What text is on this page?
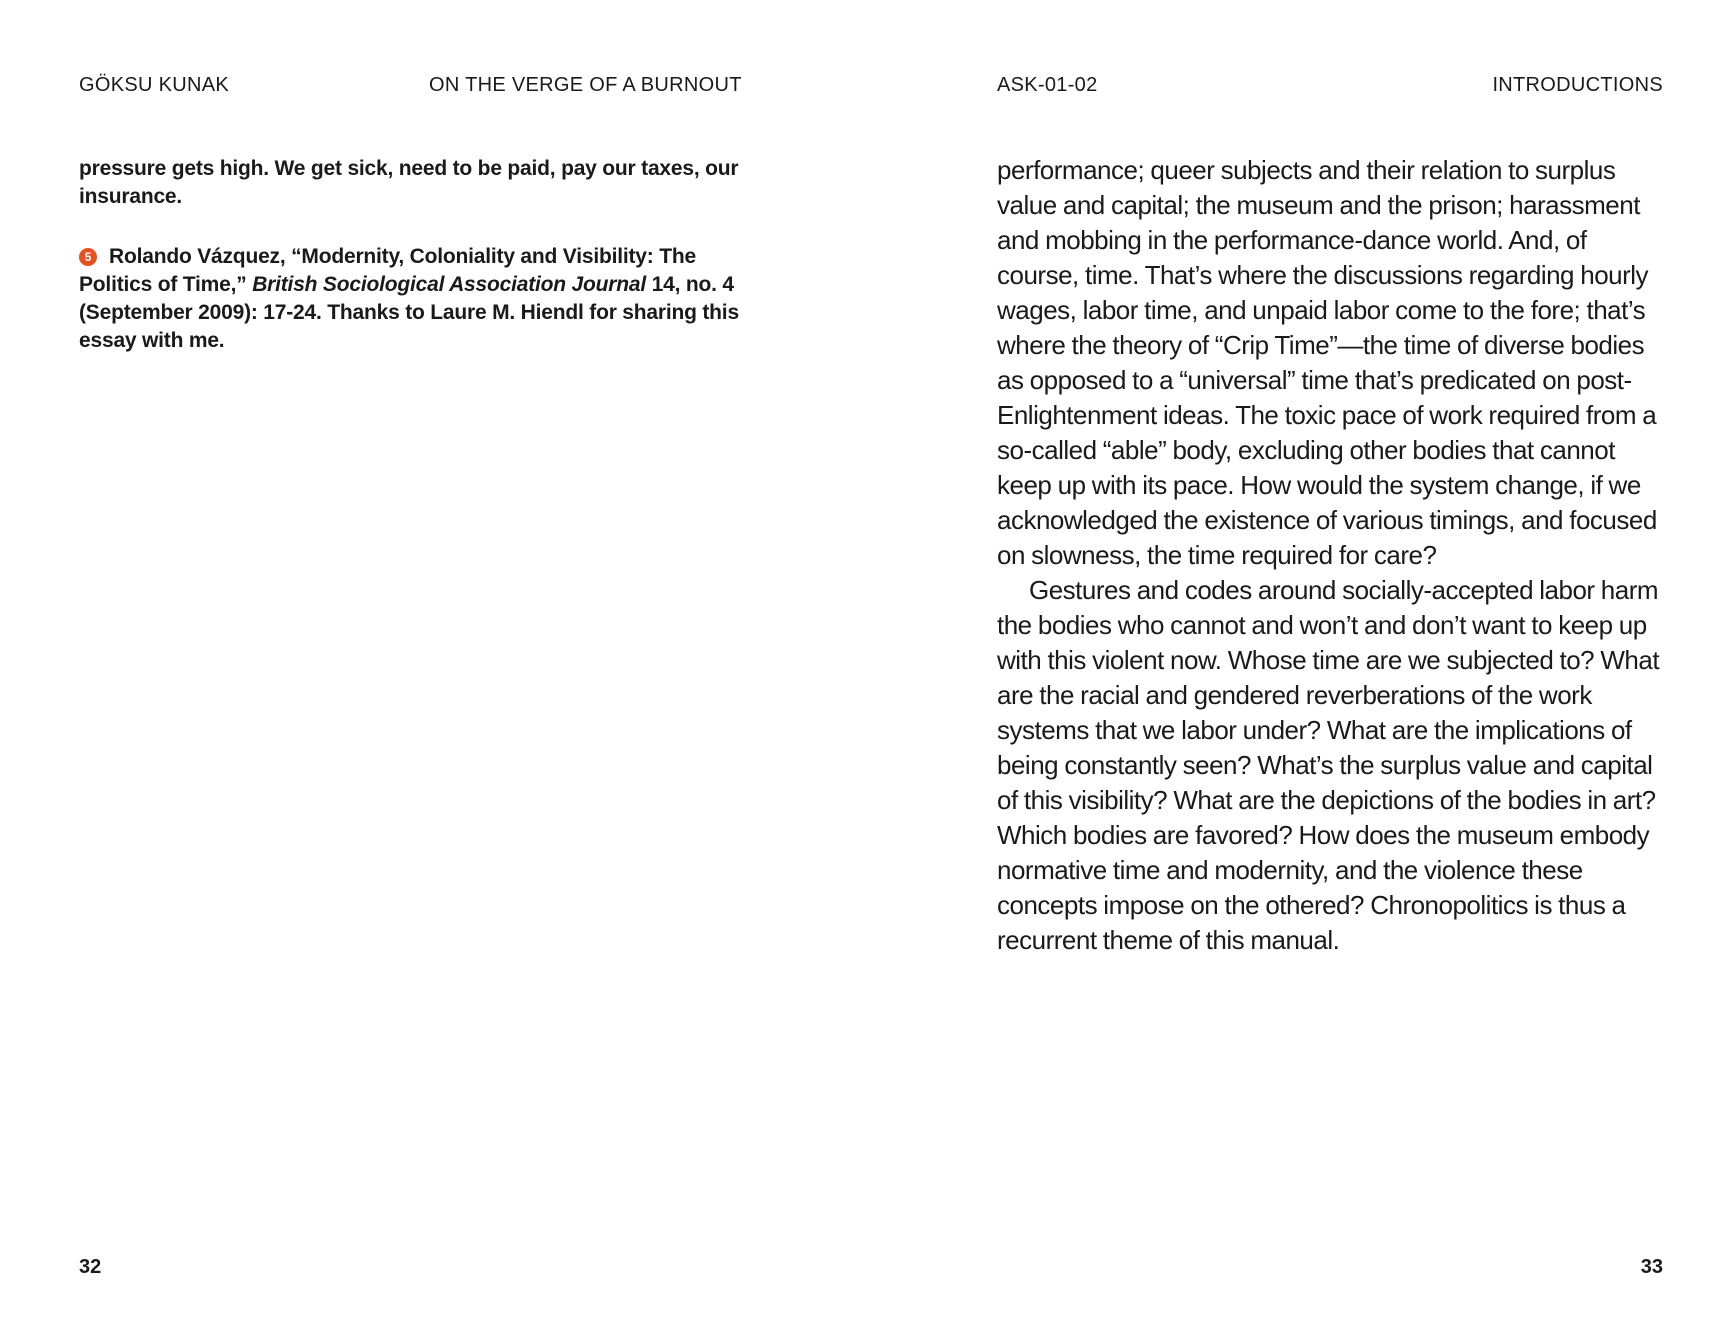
GÖKSU KUNAK	ON THE VERGE OF A BURNOUT

pressure gets high. We get sick, need to be paid, pay our taxes, our insurance.

5 Rolando Vázquez, “Modernity, Coloniality and Visibility: The Politics of Time,” British Sociological Association Journal 14, no. 4 (September 2009): 17-24. Thanks to Laure M. Hiendl for sharing this essay with me.

32
ASK-01-02	INTRODUCTIONS

performance; queer subjects and their relation to surplus value and capital; the museum and the prison; harassment and mobbing in the performance-dance world. And, of course, time. That’s where the discussions regarding hourly wages, labor time, and unpaid labor come to the fore; that’s where the theory of “Crip Time”—the time of diverse bodies as opposed to a “universal” time that’s predicated on post-Enlightenment ideas. The toxic pace of work required from a so-called “able” body, excluding other bodies that cannot keep up with its pace. How would the system change, if we acknowledged the existence of various timings, and focused on slowness, the time required for care?

Gestures and codes around socially-accepted labor harm the bodies who cannot and won’t and don’t want to keep up with this violent now. Whose time are we subjected to? What are the racial and gendered reverberations of the work systems that we labor under? What are the implications of being constantly seen? What’s the surplus value and capital of this visibility? What are the depictions of the bodies in art? Which bodies are favored? How does the museum embody normative time and modernity, and the violence these concepts impose on the othered? Chronopolitics is thus a recurrent theme of this manual.

33
